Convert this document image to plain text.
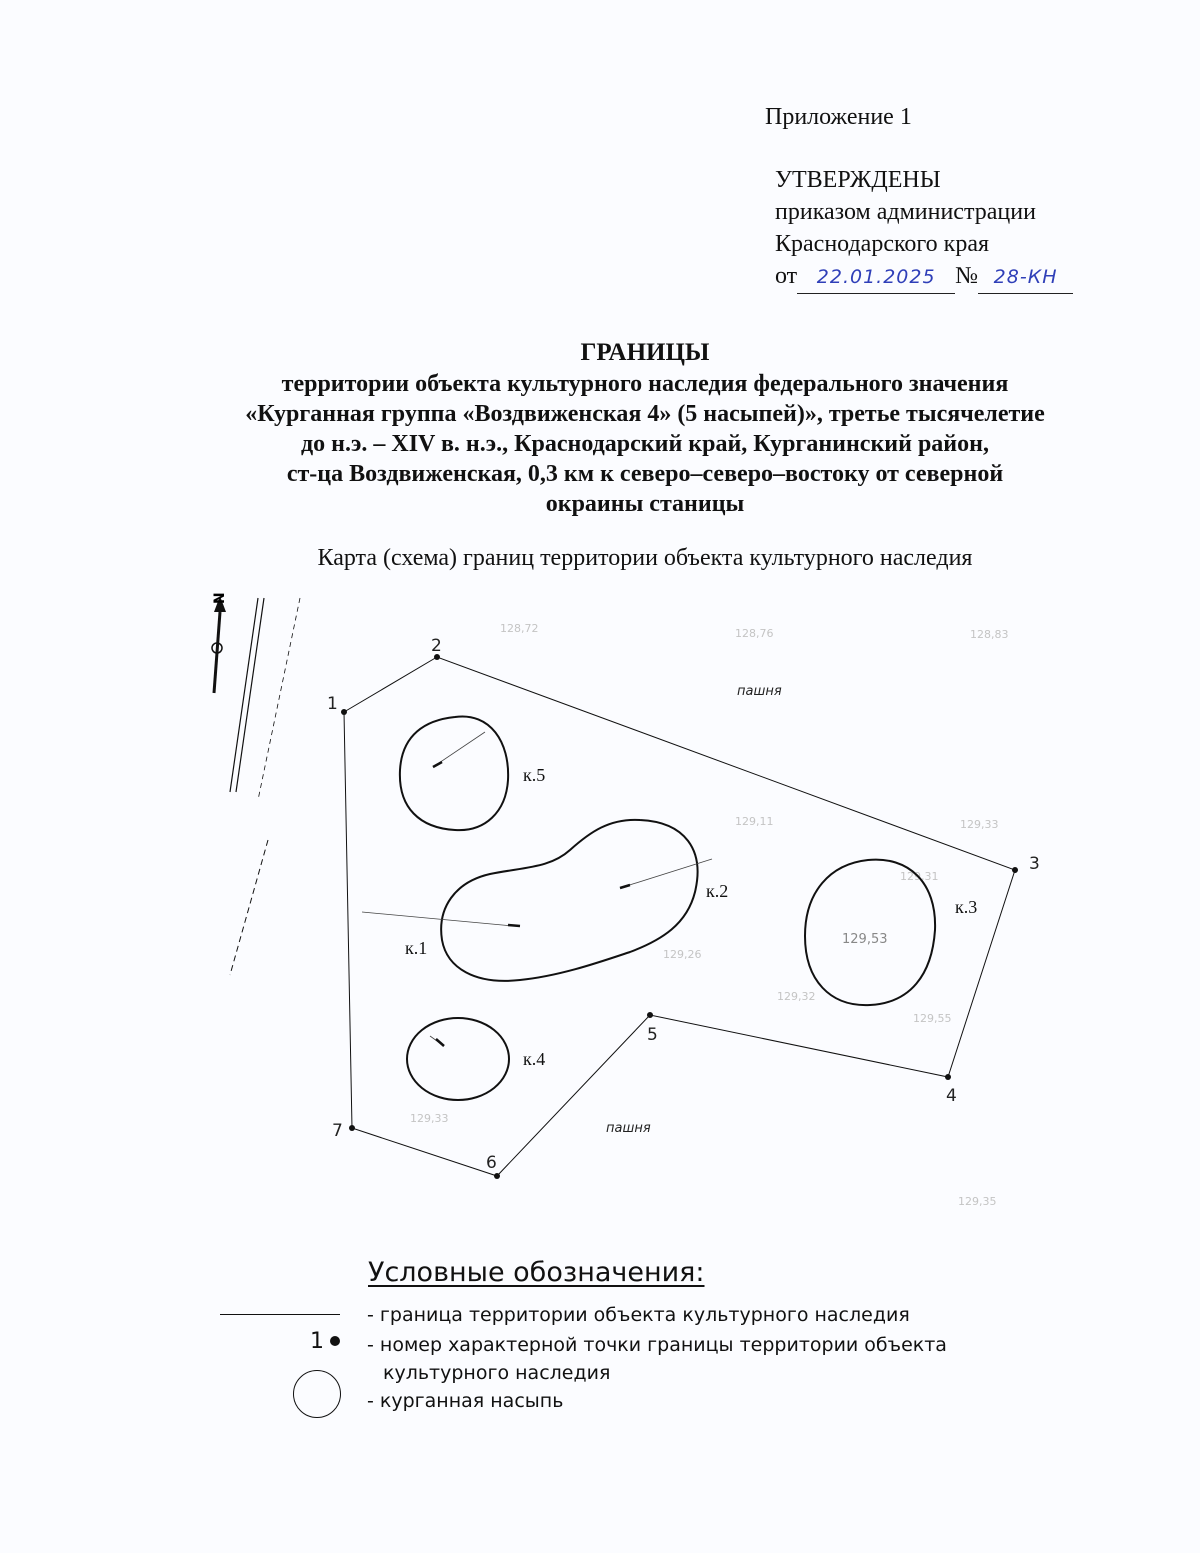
Приложение 1
УТВЕРЖДЕНЫ
приказом администрации
Краснодарского края
от 22.01.2025 № 28-КН
ГРАНИЦЫ
территории объекта культурного наследия федерального значения
«Курганная группа «Воздвиженская 4» (5 насыпей)», третье тысячелетие
до н.э. – XIV в. н.э., Краснодарский край, Курганинский район,
ст-ца Воздвиженская, 0,3 км к северо–северо–востоку от северной
окраины станицы
Карта (схема) границ территории объекта культурного наследия
N
128,72	128,76	128,83
129,31
129,53
129,33
129,26
129,32
129,55
129,35
129,33
129,11
1
2
3
4
5
6
7
пашня
пашня
к.5
к.1
к.2
к.3
к.4
Условные обозначения:
- граница территории объекта культурного наследия
1 - номер характерной точки границы территории объекта
культурного наследия
- курганная насыпь
